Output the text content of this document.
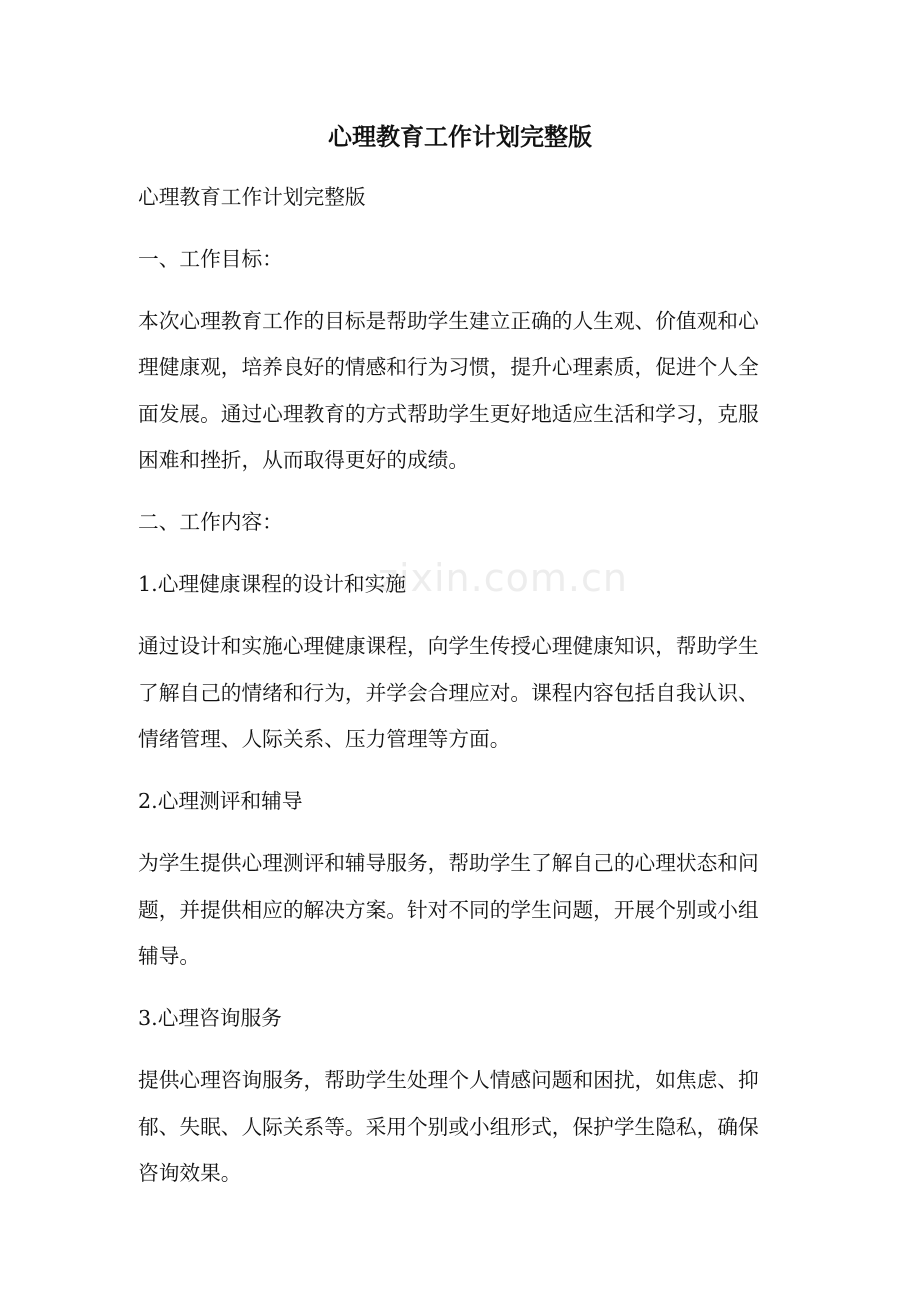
zixin.com.cn
心理教育工作计划完整版
心理教育工作计划完整版
一、工作目标：
本次心理教育工作的目标是帮助学生建立正确的人生观、价值观和心
理健康观，培养良好的情感和行为习惯，提升心理素质，促进个人全
面发展。通过心理教育的方式帮助学生更好地适应生活和学习，克服
困难和挫折，从而取得更好的成绩。
二、工作内容：
1.心理健康课程的设计和实施
通过设计和实施心理健康课程，向学生传授心理健康知识，帮助学生
了解自己的情绪和行为，并学会合理应对。课程内容包括自我认识、
情绪管理、人际关系、压力管理等方面。
2.心理测评和辅导
为学生提供心理测评和辅导服务，帮助学生了解自己的心理状态和问
题，并提供相应的解决方案。针对不同的学生问题，开展个别或小组
辅导。
3.心理咨询服务
提供心理咨询服务，帮助学生处理个人情感问题和困扰，如焦虑、抑
郁、失眠、人际关系等。采用个别或小组形式，保护学生隐私，确保
咨询效果。
